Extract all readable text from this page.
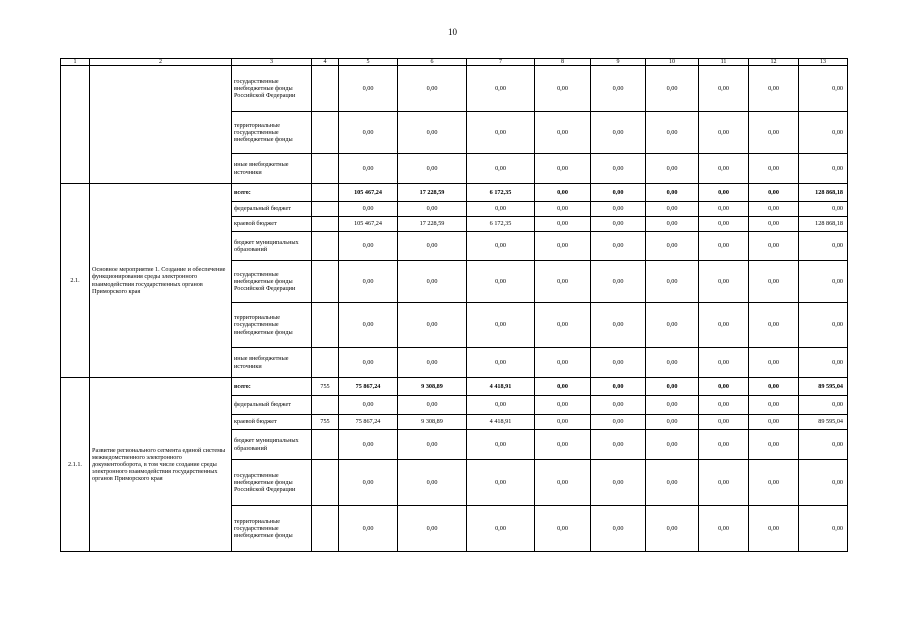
10
1	2	3	4	5	6	7	8	9	10	11	12	13
		государственные внебюджетные фонды Российской Федерации		0,00	0,00	0,00	0,00	0,00	0,00	0,00	0,00	0,00
		территориальные государственные внебюджетные фонды		0,00	0,00	0,00	0,00	0,00	0,00	0,00	0,00	0,00
		иные внебюджетные источники		0,00	0,00	0,00	0,00	0,00	0,00	0,00	0,00	0,00
2.1.	Основное мероприятие 1. Создание и обеспечение функционирования среды электронного взаимодействия государственных органов Приморского края	всего:		105 467,24	17 228,59	6 172,35	0,00	0,00	0,00	0,00	0,00	128 868,18
		федеральный бюджет		0,00	0,00	0,00	0,00	0,00	0,00	0,00	0,00	0,00
		краевой бюджет		105 467,24	17 228,59	6 172,35	0,00	0,00	0,00	0,00	0,00	128 868,18
		бюджет муниципальных образований		0,00	0,00	0,00	0,00	0,00	0,00	0,00	0,00	0,00
		государственные внебюджетные фонды Российской Федерации		0,00	0,00	0,00	0,00	0,00	0,00	0,00	0,00	0,00
		территориальные государственные внебюджетные фонды		0,00	0,00	0,00	0,00	0,00	0,00	0,00	0,00	0,00
		иные внебюджетные источники		0,00	0,00	0,00	0,00	0,00	0,00	0,00	0,00	0,00
2.1.1.	Развитие регионального сегмента единой системы межведомственного электронного документооборота, в том числе создание среды электронного взаимодействия государственных органов Приморского края	всего:	755	75 867,24	9 308,89	4 418,91	0,00	0,00	0,00	0,00	0,00	89 595,04
		федеральный бюджет		0,00	0,00	0,00	0,00	0,00	0,00	0,00	0,00	0,00
		краевой бюджет	755	75 867,24	9 308,89	4 418,91	0,00	0,00	0,00	0,00	0,00	89 595,04
		бюджет муниципальных образований		0,00	0,00	0,00	0,00	0,00	0,00	0,00	0,00	0,00
		государственные внебюджетные фонды Российской Федерации		0,00	0,00	0,00	0,00	0,00	0,00	0,00	0,00	0,00
		территориальные государственные внебюджетные фонды		0,00	0,00	0,00	0,00	0,00	0,00	0,00	0,00	0,00
